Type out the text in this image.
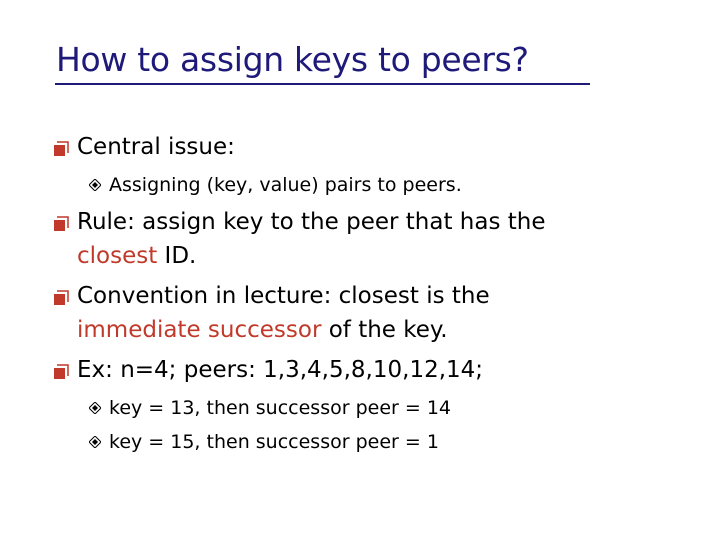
How to assign keys to peers?
Central issue:
Assigning (key, value) pairs to peers.
Rule: assign key to the peer that has the
closest ID.
Convention in lecture: closest is the
immediate successor of the key.
Ex: n=4; peers: 1,3,4,5,8,10,12,14;
key = 13, then successor peer = 14
key = 15, then successor peer = 1
